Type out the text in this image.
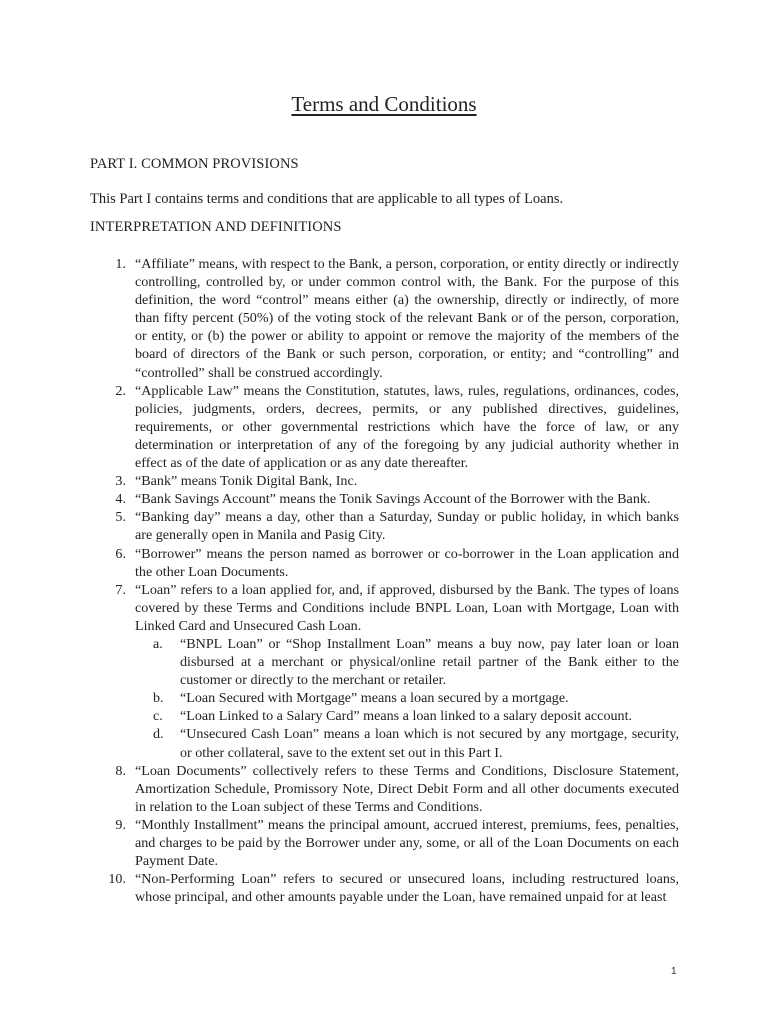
Terms and Conditions
PART I. COMMON PROVISIONS
This Part I contains terms and conditions that are applicable to all types of Loans.
INTERPRETATION AND DEFINITIONS
1. “Affiliate” means, with respect to the Bank, a person, corporation, or entity directly or indirectly controlling, controlled by, or under common control with, the Bank. For the purpose of this definition, the word “control” means either (a) the ownership, directly or indirectly, of more than fifty percent (50%) of the voting stock of the relevant Bank or of the person, corporation, or entity, or (b) the power or ability to appoint or remove the majority of the members of the board of directors of the Bank or such person, corporation, or entity; and “controlling” and “controlled” shall be construed accordingly.
2. “Applicable Law” means the Constitution, statutes, laws, rules, regulations, ordinances, codes, policies, judgments, orders, decrees, permits, or any published directives, guidelines, requirements, or other governmental restrictions which have the force of law, or any determination or interpretation of any of the foregoing by any judicial authority whether in effect as of the date of application or as any date thereafter.
3. “Bank” means Tonik Digital Bank, Inc.
4. “Bank Savings Account” means the Tonik Savings Account of the Borrower with the Bank.
5. “Banking day” means a day, other than a Saturday, Sunday or public holiday, in which banks are generally open in Manila and Pasig City.
6. “Borrower” means the person named as borrower or co-borrower in the Loan application and the other Loan Documents.
7. “Loan” refers to a loan applied for, and, if approved, disbursed by the Bank. The types of loans covered by these Terms and Conditions include BNPL Loan, Loan with Mortgage, Loan with Linked Card and Unsecured Cash Loan.
a. “BNPL Loan” or “Shop Installment Loan” means a buy now, pay later loan or loan disbursed at a merchant or physical/online retail partner of the Bank either to the customer or directly to the merchant or retailer.
b. “Loan Secured with Mortgage” means a loan secured by a mortgage.
c. “Loan Linked to a Salary Card” means a loan linked to a salary deposit account.
d. “Unsecured Cash Loan” means a loan which is not secured by any mortgage, security, or other collateral, save to the extent set out in this Part I.
8. “Loan Documents” collectively refers to these Terms and Conditions, Disclosure Statement, Amortization Schedule, Promissory Note, Direct Debit Form and all other documents executed in relation to the Loan subject of these Terms and Conditions.
9. “Monthly Installment” means the principal amount, accrued interest, premiums, fees, penalties, and charges to be paid by the Borrower under any, some, or all of the Loan Documents on each Payment Date.
10. “Non-Performing Loan” refers to secured or unsecured loans, including restructured loans, whose principal, and other amounts payable under the Loan, have remained unpaid for at least
1
